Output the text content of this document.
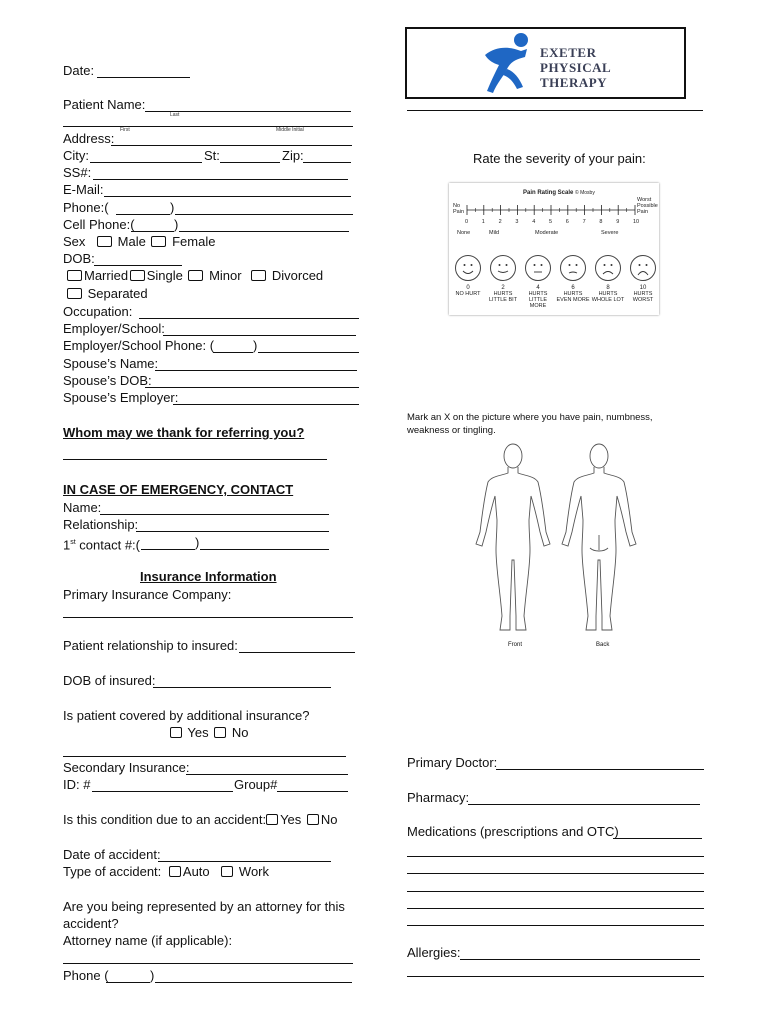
Date:
Patient Name:
Last
First	Middle Initial
Address:
City:	St:	Zip:
SS#:
E-Mail:
Phone:(	)
Cell Phone:(	)
Sex Male Female
DOB:
Married Single Minor Divorced
Separated
Occupation:
Employer/School:
Employer/School Phone: (	)
Spouse’s Name:
Spouse’s DOB:
Spouse’s Employer:
Whom may we thank for referring you?
IN CASE OF EMERGENCY, CONTACT
Name:
Relationship:
1st contact #:(	)
Insurance Information
Primary Insurance Company:
Patient relationship to insured:
DOB of insured:
Is patient covered by additional insurance?
Yes No
Secondary Insurance:
ID: #	Group#
Is this condition due to an accident: Yes No
Date of accident:
Type of accident: Auto Work
Are you being represented by an attorney for this
accident?
Attorney name (if applicable):
Phone (	)
EXETER
PHYSICAL
THERAPY
Rate the severity of your pain:
Pain Rating Scale © Mosby
No
Pain
Worst
Possible
Pain
0 1 2 3 4	5 6 7 8 9	10
None	Mild	Moderate	Severe
0
NO HURT
2
HURTS
LITTLE BIT
4
HURTS
LITTLE MORE
6
HURTS
EVEN MORE
8
HURTS
WHOLE LOT
10
HURTS
WORST
Mark an X on the picture where you have pain, numbness,
weakness or tingling.
Front	Back
Primary Doctor:
Pharmacy:
Medications (prescriptions and OTC)
Allergies:
